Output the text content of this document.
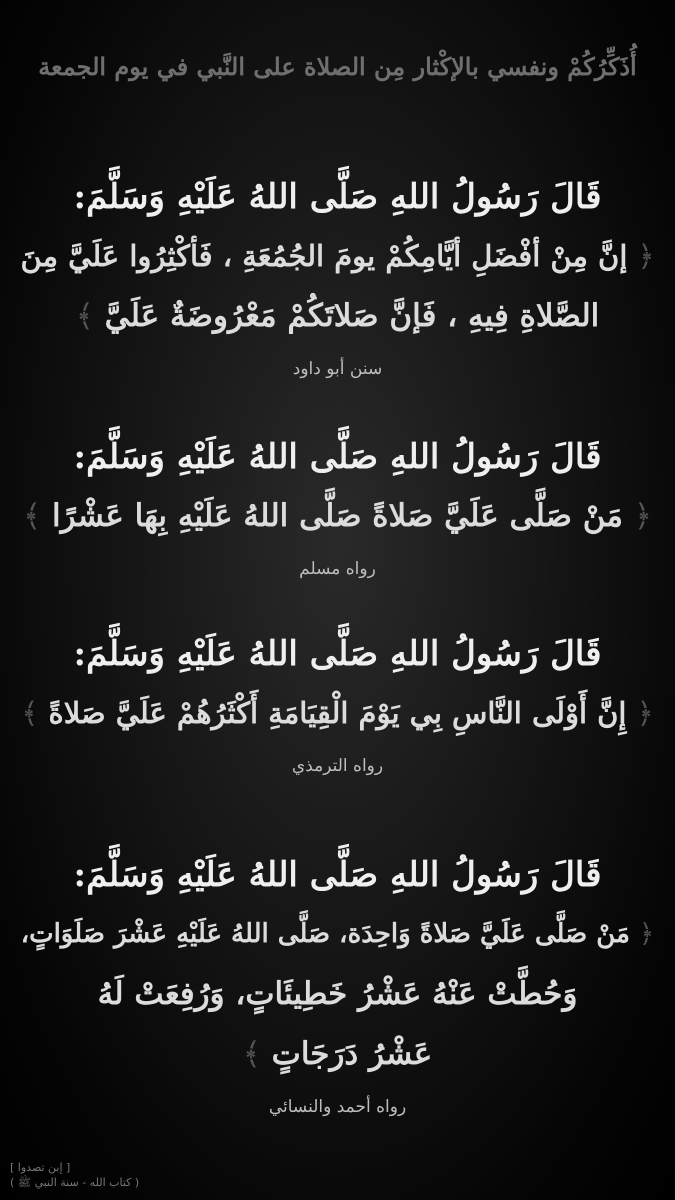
أُذَكِّرُكُمْ ونفسي بالإكْثار مِن الصلاة على النَّبي في يوم الجمعة
قَالَ رَسُولُ اللهِ صَلَّى اللهُ عَلَيْهِ وَسَلَّمَ:
﴿ إنَّ مِنْ أفْضَلِ أيَّامِكُمْ يومَ الجُمُعَةِ ، فَأكْثِرُوا عَلَيَّ مِنَ
الصَّلاةِ فِيهِ ، فَإنَّ صَلاتَكُمْ مَعْرُوضَةٌ عَلَيَّ ﴾
سنن أبو داود
قَالَ رَسُولُ اللهِ صَلَّى اللهُ عَلَيْهِ وَسَلَّمَ:
﴿ مَنْ صَلَّى عَلَيَّ صَلاةً صَلَّى اللهُ عَلَيْهِ بِهَا عَشْرًا ﴾
رواه مسلم
قَالَ رَسُولُ اللهِ صَلَّى اللهُ عَلَيْهِ وَسَلَّمَ:
﴿ إِنَّ أَوْلَى النَّاسِ بِي يَوْمَ الْقِيَامَةِ أَكْثَرُهُمْ عَلَيَّ صَلاةً ﴾
رواه الترمذي
قَالَ رَسُولُ اللهِ صَلَّى اللهُ عَلَيْهِ وَسَلَّمَ:
﴿ مَنْ صَلَّى عَلَيَّ صَلاةً وَاحِدَة، صَلَّى اللهُ عَلَيْهِ عَشْرَ صَلَوَاتٍ،
وَحُطَّتْ عَنْهُ عَشْرُ خَطِيئَاتٍ، وَرُفِعَتْ لَهُ
عَشْرُ دَرَجَاتٍ ﴾
رواه أحمد والنسائي
[ إبن تصدوا ]
( كتاب الله - سنة النبي ﷺ )
